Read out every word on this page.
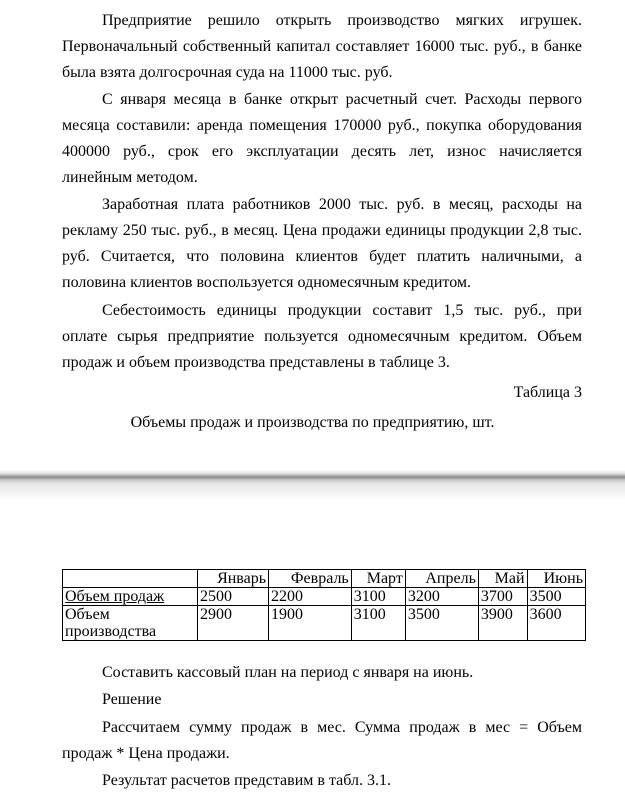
Предприятие решило открыть производство мягких игрушек. Первоначальный собственный капитал составляет 16000 тыс. руб., в банке была взята долгосрочная суда на 11000 тыс. руб.

С января месяца в банке открыт расчетный счет. Расходы первого месяца составили: аренда помещения 170000 руб., покупка оборудования 400000 руб., срок его эксплуатации десять лет, износ начисляется линейным методом.

Заработная плата работников 2000 тыс. руб. в месяц, расходы на рекламу 250 тыс. руб., в месяц. Цена продажи единицы продукции 2,8 тыс. руб. Считается, что половина клиентов будет платить наличными, а половина клиентов воспользуется одномесячным кредитом.

Себестоимость единицы продукции составит 1,5 тыс. руб., при оплате сырья предприятие пользуется одномесячным кредитом. Объем продаж и объем производства представлены в таблице 3.

Таблица 3
Объемы продаж и производства по предприятию, шт.
	Январь	Февраль	Март	Апрель	Май	Июнь
Объем продаж	2500	2200	3100	3200	3700	3500
Объем производства	2900	1900	3100	3500	3900	3600

Составить кассовый план на период с января на июнь.

Решение

Рассчитаем сумму продаж в мес. Сумма продаж в мес = Объем продаж * Цена продажи.

Результат расчетов представим в табл. 3.1.
